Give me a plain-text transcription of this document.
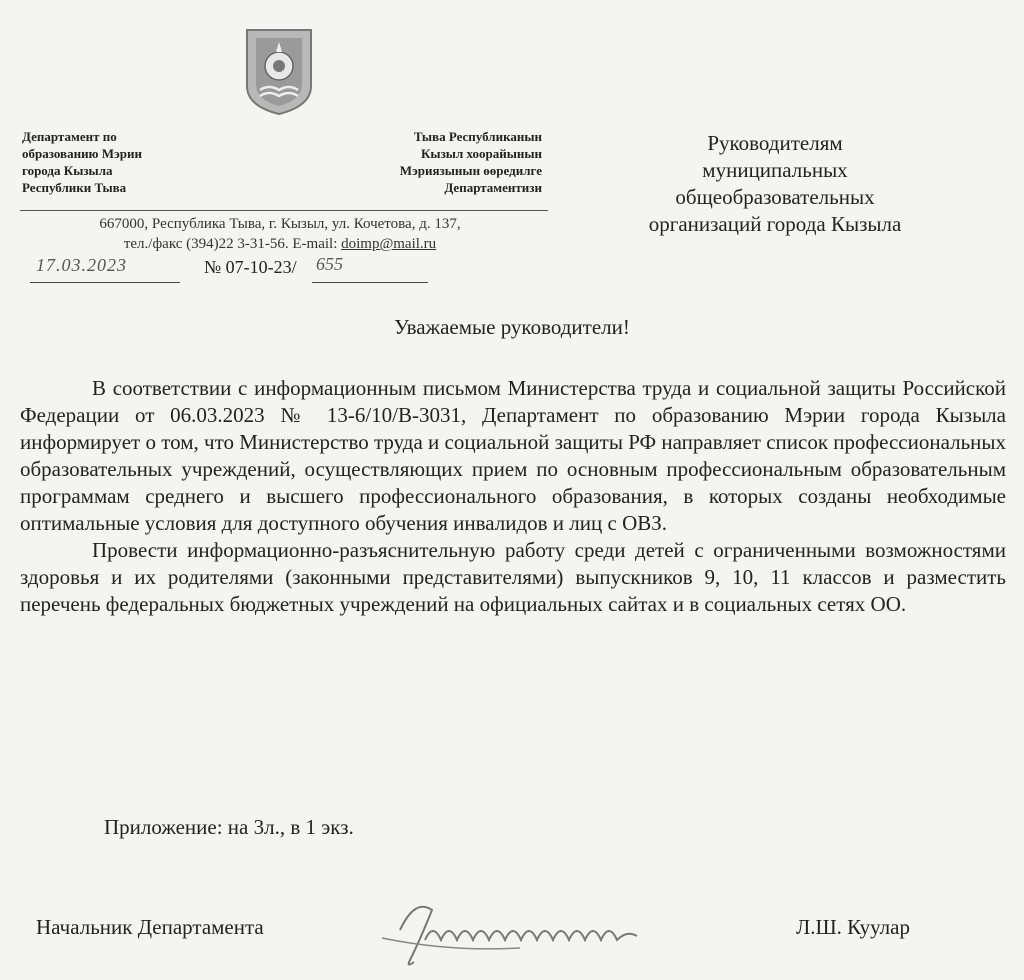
Департамент по
образованию Мэрии
города Кызыла
Республики Тыва
Тыва Республиканын
Кызыл хоорайынын
Мэриязынын өөредилге
Департаментизи
667000, Республика Тыва, г. Кызыл, ул. Кочетова, д. 137,
тел./факс (394)22 3-31-56. E-mail: doimp@mail.ru
17.03.2023	№ 07-10-23/ 655
Руководителям
муниципальных
общеобразовательных
организаций города Кызыла
Уважаемые руководители!

В соответствии с информационным письмом Министерства труда и социальной защиты Российской Федерации от 06.03.2023 № 13-6/10/В-3031, Департамент по образованию Мэрии города Кызыла информирует о том, что Министерство труда и социальной защиты РФ направляет список профессиональных образовательных учреждений, осуществляющих прием по основным профессиональным образовательным программам среднего и высшего профессионального образования, в которых созданы необходимые оптимальные условия для доступного обучения инвалидов и лиц с ОВЗ.

Провести информационно-разъяснительную работу среди детей с ограниченными возможностями здоровья и их родителями (законными представителями) выпускников 9, 10, 11 классов и разместить перечень федеральных бюджетных учреждений на официальных сайтах и в социальных сетях ОО.

Приложение: на 3л., в 1 экз.
Начальник Департамента	Л.Ш. Куулар
